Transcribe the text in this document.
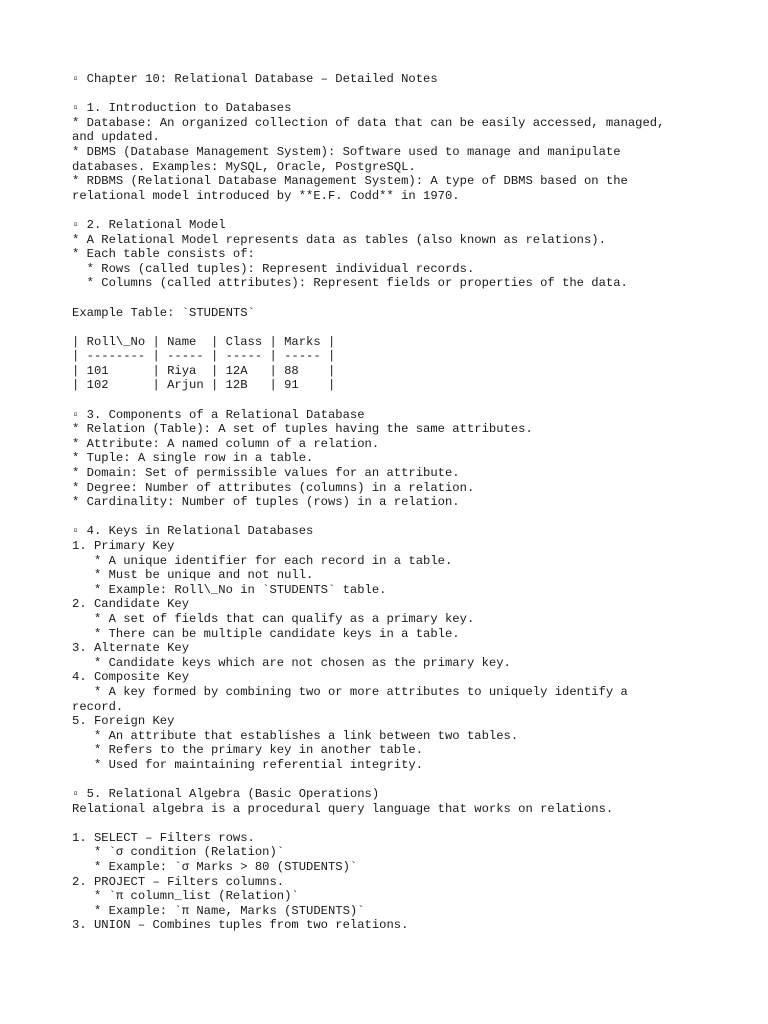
▫ Chapter 10: Relational Database – Detailed Notes
▫ 1. Introduction to Databases
* Database: An organized collection of data that can be easily accessed, managed,
and updated.
* DBMS (Database Management System): Software used to manage and manipulate
databases. Examples: MySQL, Oracle, PostgreSQL.
* RDBMS (Relational Database Management System): A type of DBMS based on the
relational model introduced by **E.F. Codd** in 1970.
▫ 2. Relational Model
* A Relational Model represents data as tables (also known as relations).
* Each table consists of:
* Rows (called tuples): Represent individual records.
* Columns (called attributes): Represent fields or properties of the data.
Example Table: `STUDENTS`
| Roll\_No | Name  | Class | Marks |
| -------- | ----- | ----- | ----- |
| 101      | Riya  | 12A   | 88    |
| 102      | Arjun | 12B   | 91    |
▫ 3. Components of a Relational Database
* Relation (Table): A set of tuples having the same attributes.
* Attribute: A named column of a relation.
* Tuple: A single row in a table.
* Domain: Set of permissible values for an attribute.
* Degree: Number of attributes (columns) in a relation.
* Cardinality: Number of tuples (rows) in a relation.
▫ 4. Keys in Relational Databases
1. Primary Key
* A unique identifier for each record in a table.
* Must be unique and not null.
* Example: Roll\_No in `STUDENTS` table.
2. Candidate Key
* A set of fields that can qualify as a primary key.
* There can be multiple candidate keys in a table.
3. Alternate Key
* Candidate keys which are not chosen as the primary key.
4. Composite Key
* A key formed by combining two or more attributes to uniquely identify a
record.
5. Foreign Key
* An attribute that establishes a link between two tables.
* Refers to the primary key in another table.
* Used for maintaining referential integrity.
▫ 5. Relational Algebra (Basic Operations)
Relational algebra is a procedural query language that works on relations.
1. SELECT – Filters rows.
* `σ condition (Relation)`
* Example: `σ Marks > 80 (STUDENTS)`
2. PROJECT – Filters columns.
* `π column_list (Relation)`
* Example: `π Name, Marks (STUDENTS)`
3. UNION – Combines tuples from two relations.
